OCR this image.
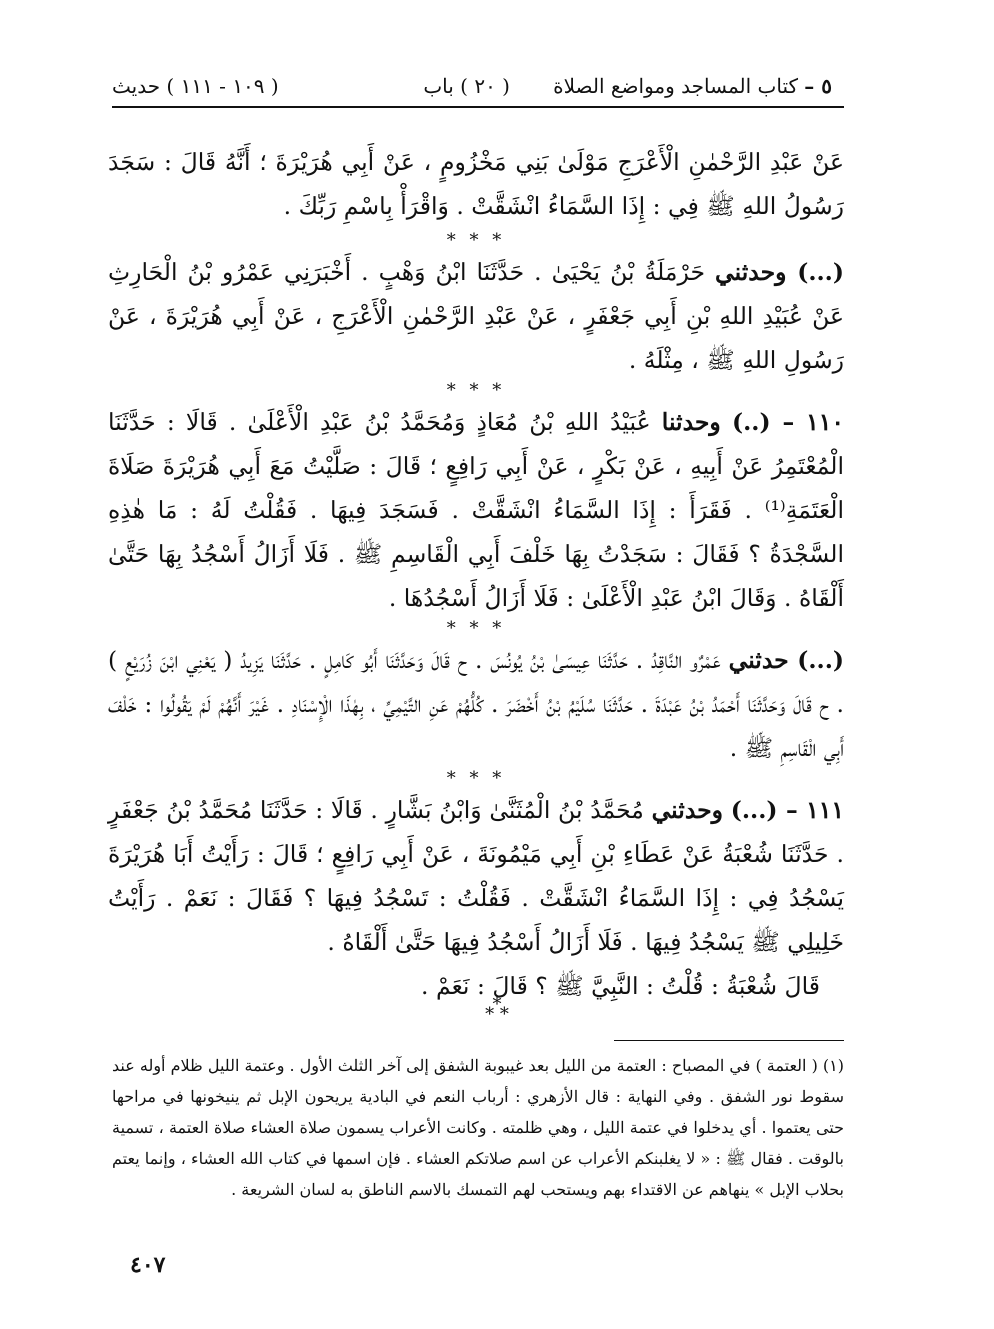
٥ –
كتاب المساجد ومواضع الصلاة
( ٢٠ ) باب
( ١٠٩ - ١١١ ) حديث

عَنْ عَبْدِ الرَّحْمٰنِ الْأَعْرَجِ مَوْلَىٰ بَنِي مَخْزُومٍ ، عَنْ أَبِي هُرَيْرَةَ ؛ أَنَّهُ قَالَ : سَجَدَ رَسُولُ اللهِ ﷺ فِي : إِذَا السَّمَاءُ انْشَقَّتْ . وَاقْرَأْ بِاسْمِ رَبِّكَ .

* * *

(...) وحدثني حَرْمَلَةُ بْنُ يَحْيَىٰ . حَدَّثَنَا ابْنُ وَهْبٍ . أَخْبَرَنِي عَمْرُو بْنُ الْحَارِثِ عَنْ عُبَيْدِ اللهِ بْنِ أَبِي جَعْفَرٍ ، عَنْ عَبْدِ الرَّحْمٰنِ الْأَعْرَجِ ، عَنْ أَبِي هُرَيْرَةَ ، عَنْ رَسُولِ اللهِ ﷺ ، مِثْلَهُ .

* * *

١١٠ – (..) وحدثنا عُبَيْدُ اللهِ بْنُ مُعَاذٍ وَمُحَمَّدُ بْنُ عَبْدِ الْأَعْلَىٰ . قَالَا : حَدَّثَنَا الْمُعْتَمِرُ عَنْ أَبِيهِ ، عَنْ بَكْرٍ ، عَنْ أَبِي رَافِعٍ ؛ قَالَ : صَلَّيْتُ مَعَ أَبِي هُرَيْرَةَ صَلَاةَ الْعَتَمَةِ⁽¹⁾ . فَقَرَأَ : إِذَا السَّمَاءُ انْشَقَّتْ . فَسَجَدَ فِيهَا . فَقُلْتُ لَهُ : مَا هٰذِهِ السَّجْدَةُ ؟ فَقَالَ : سَجَدْتُ بِهَا خَلْفَ أَبِي الْقَاسِمِ ﷺ . فَلَا أَزَالُ أَسْجُدُ بِهَا حَتَّىٰ أَلْقَاهُ . وَقَالَ ابْنُ عَبْدِ الْأَعْلَىٰ : فَلَا أَزَالُ أَسْجُدُهَا .

* * *

(...) حدثني عَمْرٌو النَّاقِدُ . حَدَّثَنَا عِيسَىٰ بْنُ يُونُسَ . ح قَالَ وَحَدَّثَنَا أَبُو كَامِلٍ . حَدَّثَنَا يَزِيدُ ( يَعْنِي ابْنَ زُرَيْعٍ ) . ح قَالَ وَحَدَّثَنَا أَحْمَدُ بْنُ عَبْدَةَ . حَدَّثَنَا سُلَيْمُ بْنُ أَخْضَرَ . كُلُّهُمْ عَنِ التَّيْمِيِّ ، بِهٰذَا الْإِسْنَادِ . غَيْرَ أَنَّهُمْ لَمْ يَقُولُوا : خَلْفَ أَبِي الْقَاسِمِ ﷺ .

* * *

١١١ – (...) وحدثني مُحَمَّدُ بْنُ الْمُثَنَّىٰ وَابْنُ بَشَّارٍ . قَالَا : حَدَّثَنَا مُحَمَّدُ بْنُ جَعْفَرٍ . حَدَّثَنَا شُعْبَةُ عَنْ عَطَاءِ بْنِ أَبِي مَيْمُونَةَ ، عَنْ أَبِي رَافِعٍ ؛ قَالَ : رَأَيْتُ أَبَا هُرَيْرَةَ يَسْجُدُ فِي : إِذَا السَّمَاءُ انْشَقَّتْ . فَقُلْتُ : تَسْجُدُ فِيهَا ؟ فَقَالَ : نَعَمْ . رَأَيْتُ خَلِيلِي ﷺ يَسْجُدُ فِيهَا . فَلَا أَزَالُ أَسْجُدُ فِيهَا حَتَّىٰ أَلْقَاهُ .

قَالَ شُعْبَةُ : قُلْتُ : النَّبِيَّ ﷺ ؟ قَالَ : نَعَمْ .

*
* *
(١) ( العتمة ) في المصباح : العتمة من الليل بعد غيبوبة الشفق إلى آخر الثلث الأول . وعتمة الليل ظلام أوله عند سقوط نور الشفق . وفي النهاية : قال الأزهري : أرباب النعم في البادية يريحون الإبل ثم ينيخونها في مراحها حتى يعتموا . أي يدخلوا في عتمة الليل ، وهي ظلمته . وكانت الأعراب يسمون صلاة العشاء صلاة العتمة ، تسمية بالوقت . فقال ﷺ : « لا يغلبنكم الأعراب عن اسم صلاتكم العشاء . فإن اسمها في كتاب الله العشاء ، وإنما يعتم بحلاب الإبل » ينهاهم عن الاقتداء بهم ويستحب لهم التمسك بالاسم الناطق به لسان الشريعة .
٤٠٧
